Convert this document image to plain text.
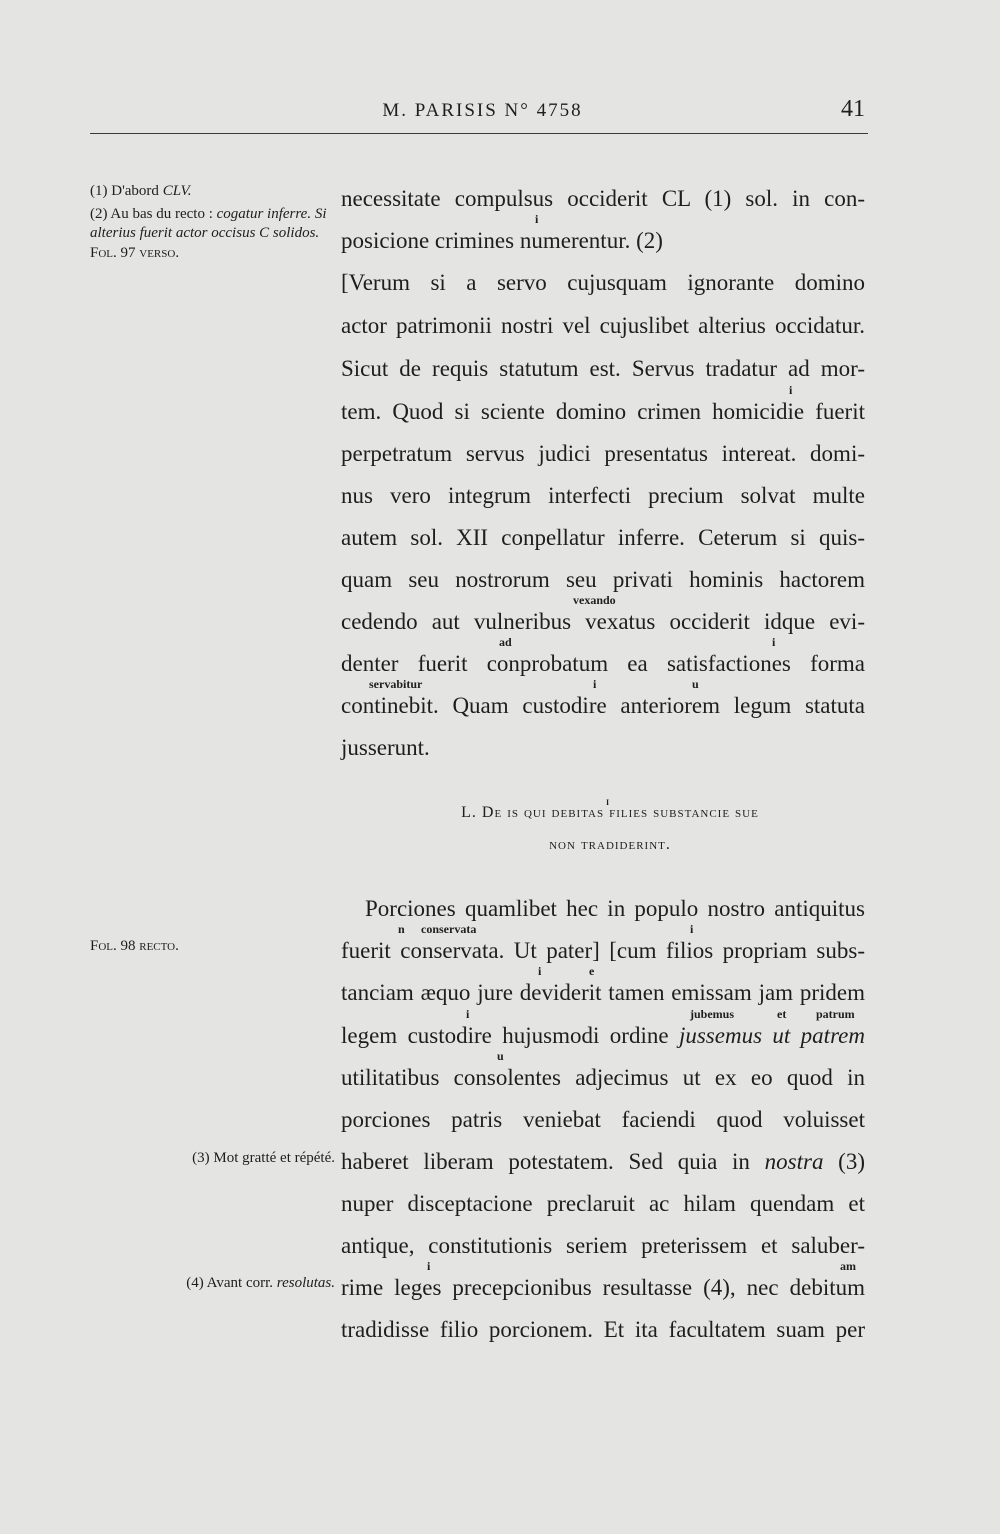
M. PARISIS N° 4758	41

(1) D'abord CLV.

(2) Au bas du recto : cogatur inferre. Si alterius fuerit actor occisus C solidos.

Fol. 97 verso.

Fol. 98 recto.
(3) Mot gratté et répété.
(4) Avant corr. resolutas.
necessitate compulsus occiderit CL (1) sol. in con-
i
posicione crimines numerentur. (2)
[Verum si a servo cujusquam ignorante domino
actor patrimonii nostri vel cujuslibet alterius occidatur.
Sicut de requis statutum est. Servus tradatur ad mor-
i
tem. Quod si sciente domino crimen homicidie fuerit
perpetratum servus judici presentatus intereat. domi-
nus vero integrum interfecti precium solvat multe
autem sol. XII conpellatur inferre. Ceterum si quis-
quam seu nostrorum seu privati hominis hactorem
vexando
cedendo aut vulneribus vexatus occiderit idque evi-
ad	i
denter fuerit conprobatum ea satisfactiones forma
servabitur	i	u
continebit. Quam custodire anteriorem legum statuta
jusserunt.
i
L. De is qui debitas filies substancie sue
non tradiderint.
Porciones quamlibet hec in populo nostro antiquitus
n conservata	i
fuerit conservata. Ut pater] [cum filios propriam subs-
i	e
tanciam æquo jure deviderit tamen emissam jam pridem
i	jubemus	et patrum
legem custodire hujusmodi ordine jussemus ut patrem
u
utilitatibus consolentes adjecimus ut ex eo quod in
porciones patris veniebat faciendi quod voluisset
haberet liberam potestatem. Sed quia in nostra (3)
nuper disceptacione preclaruit ac hilam quendam et
antique, constitutionis seriem preterissem et saluber-
i	am
rime leges precepcionibus resultasse (4), nec debitum
tradidisse filio porcionem. Et ita facultatem suam per
